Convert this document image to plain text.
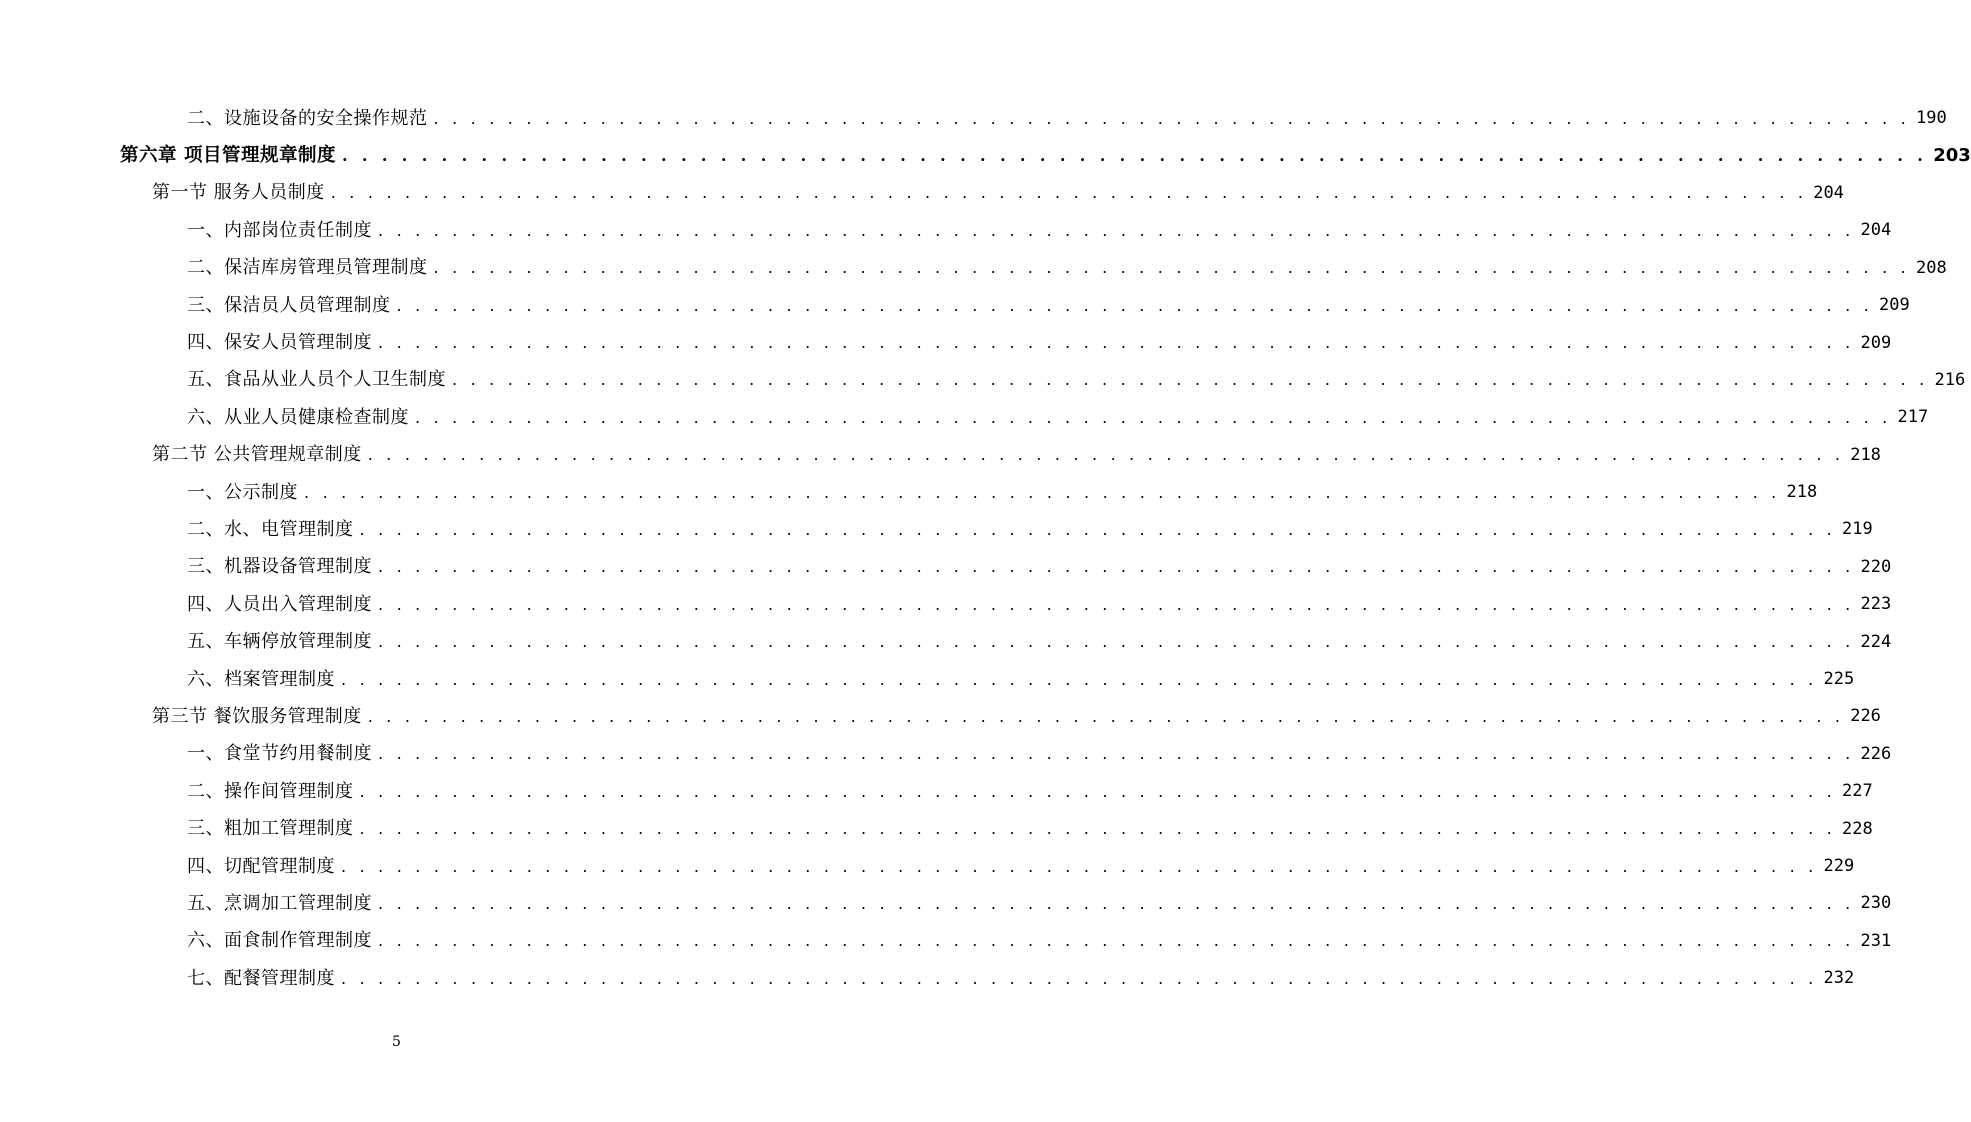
二、设施设备的安全操作规范 . . . . . . . . . . . . . . . . . . . . . . . . . . . . . . . . . . . . . . . . . . . . . . . . . . . . . . . . . . . . . . . . . . . . . . . . . . . . . . . . 190
第六章 项目管理规章制度 . . . . . . . . . . . . . . . . . . . . . . . . . . . . . . . . . . . . . . . . . . . . . . . . . . . . . . . . . . . . . . . . . . . . . . . . . . . . . . . . 203
第一节 服务人员制度 . . . . . . . . . . . . . . . . . . . . . . . . . . . . . . . . . . . . . . . . . . . . . . . . . . . . . . . . . . . . . . . . . . . . . . . . . . . . . . . . 204
一、内部岗位责任制度 . . . . . . . . . . . . . . . . . . . . . . . . . . . . . . . . . . . . . . . . . . . . . . . . . . . . . . . . . . . . . . . . . . . . . . . . . . . . . . . . 204
二、保洁库房管理员管理制度 . . . . . . . . . . . . . . . . . . . . . . . . . . . . . . . . . . . . . . . . . . . . . . . . . . . . . . . . . . . . . . . . . . . . . . . . . . . . . . . . 208
三、保洁员人员管理制度 . . . . . . . . . . . . . . . . . . . . . . . . . . . . . . . . . . . . . . . . . . . . . . . . . . . . . . . . . . . . . . . . . . . . . . . . . . . . . . . . 209
四、保安人员管理制度 . . . . . . . . . . . . . . . . . . . . . . . . . . . . . . . . . . . . . . . . . . . . . . . . . . . . . . . . . . . . . . . . . . . . . . . . . . . . . . . . 209
五、食品从业人员个人卫生制度 . . . . . . . . . . . . . . . . . . . . . . . . . . . . . . . . . . . . . . . . . . . . . . . . . . . . . . . . . . . . . . . . . . . . . . . . . . . . . . . . 216
六、从业人员健康检查制度 . . . . . . . . . . . . . . . . . . . . . . . . . . . . . . . . . . . . . . . . . . . . . . . . . . . . . . . . . . . . . . . . . . . . . . . . . . . . . . . . 217
第二节 公共管理规章制度 . . . . . . . . . . . . . . . . . . . . . . . . . . . . . . . . . . . . . . . . . . . . . . . . . . . . . . . . . . . . . . . . . . . . . . . . . . . . . . . . 218
一、公示制度 . . . . . . . . . . . . . . . . . . . . . . . . . . . . . . . . . . . . . . . . . . . . . . . . . . . . . . . . . . . . . . . . . . . . . . . . . . . . . . . . 218
二、水、电管理制度 . . . . . . . . . . . . . . . . . . . . . . . . . . . . . . . . . . . . . . . . . . . . . . . . . . . . . . . . . . . . . . . . . . . . . . . . . . . . . . . . 219
三、机器设备管理制度 . . . . . . . . . . . . . . . . . . . . . . . . . . . . . . . . . . . . . . . . . . . . . . . . . . . . . . . . . . . . . . . . . . . . . . . . . . . . . . . . 220
四、人员出入管理制度 . . . . . . . . . . . . . . . . . . . . . . . . . . . . . . . . . . . . . . . . . . . . . . . . . . . . . . . . . . . . . . . . . . . . . . . . . . . . . . . . 223
五、车辆停放管理制度 . . . . . . . . . . . . . . . . . . . . . . . . . . . . . . . . . . . . . . . . . . . . . . . . . . . . . . . . . . . . . . . . . . . . . . . . . . . . . . . . 224
六、档案管理制度 . . . . . . . . . . . . . . . . . . . . . . . . . . . . . . . . . . . . . . . . . . . . . . . . . . . . . . . . . . . . . . . . . . . . . . . . . . . . . . . . 225
第三节 餐饮服务管理制度 . . . . . . . . . . . . . . . . . . . . . . . . . . . . . . . . . . . . . . . . . . . . . . . . . . . . . . . . . . . . . . . . . . . . . . . . . . . . . . . . 226
一、食堂节约用餐制度 . . . . . . . . . . . . . . . . . . . . . . . . . . . . . . . . . . . . . . . . . . . . . . . . . . . . . . . . . . . . . . . . . . . . . . . . . . . . . . . . 226
二、操作间管理制度 . . . . . . . . . . . . . . . . . . . . . . . . . . . . . . . . . . . . . . . . . . . . . . . . . . . . . . . . . . . . . . . . . . . . . . . . . . . . . . . . 227
三、粗加工管理制度 . . . . . . . . . . . . . . . . . . . . . . . . . . . . . . . . . . . . . . . . . . . . . . . . . . . . . . . . . . . . . . . . . . . . . . . . . . . . . . . . 228
四、切配管理制度 . . . . . . . . . . . . . . . . . . . . . . . . . . . . . . . . . . . . . . . . . . . . . . . . . . . . . . . . . . . . . . . . . . . . . . . . . . . . . . . . 229
五、烹调加工管理制度 . . . . . . . . . . . . . . . . . . . . . . . . . . . . . . . . . . . . . . . . . . . . . . . . . . . . . . . . . . . . . . . . . . . . . . . . . . . . . . . . 230
六、面食制作管理制度 . . . . . . . . . . . . . . . . . . . . . . . . . . . . . . . . . . . . . . . . . . . . . . . . . . . . . . . . . . . . . . . . . . . . . . . . . . . . . . . . 231
七、配餐管理制度 . . . . . . . . . . . . . . . . . . . . . . . . . . . . . . . . . . . . . . . . . . . . . . . . . . . . . . . . . . . . . . . . . . . . . . . . . . . . . . . . 232
5
